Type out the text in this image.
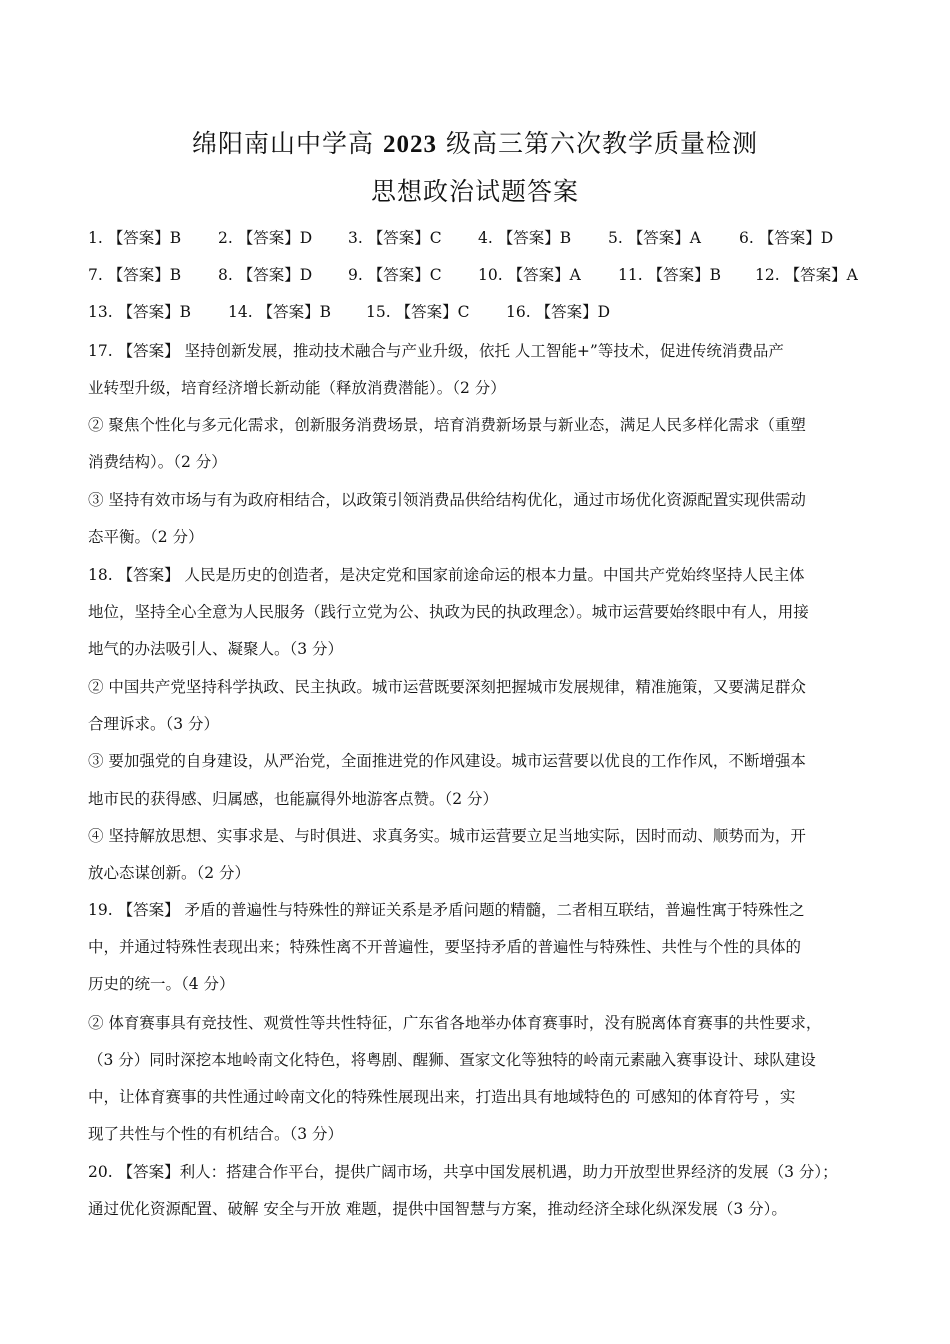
绵阳南山中学高 2023 级高三第六次教学质量检测
思想政治试题答案
1. 【答案】B 2. 【答案】D 3. 【答案】C 4. 【答案】B 5. 【答案】A 6. 【答案】D
7. 【答案】B 8. 【答案】D 9. 【答案】C 10. 【答案】A 11. 【答案】B 12. 【答案】A
13. 【答案】B 14. 【答案】B 15. 【答案】C 16. 【答案】D
17. 【答案】 坚持创新发展，推动技术融合与产业升级，依托 人工智能+”等技术，促进传统消费品产
业转型升级，培育经济增长新动能（释放消费潜能）。（2 分）
② 聚焦个性化与多元化需求，创新服务消费场景，培育消费新场景与新业态，满足人民多样化需求（重塑
消费结构）。（2 分）
③ 坚持有效市场与有为政府相结合，以政策引领消费品供给结构优化，通过市场优化资源配置实现供需动
态平衡。（2 分）
18. 【答案】 人民是历史的创造者，是决定党和国家前途命运的根本力量。中国共产党始终坚持人民主体
地位，坚持全心全意为人民服务（践行立党为公、执政为民的执政理念）。城市运营要始终眼中有人，用接
地气的办法吸引人、凝聚人。（3 分）
② 中国共产党坚持科学执政、民主执政。城市运营既要深刻把握城市发展规律，精准施策，又要满足群众
合理诉求。（3 分）
③ 要加强党的自身建设，从严治党，全面推进党的作风建设。城市运营要以优良的工作作风，不断增强本
地市民的获得感、归属感，也能赢得外地游客点赞。（2 分）
④ 坚持解放思想、实事求是、与时俱进、求真务实。城市运营要立足当地实际，因时而动、顺势而为，开
放心态谋创新。（2 分）
19. 【答案】 矛盾的普遍性与特殊性的辩证关系是矛盾问题的精髓，二者相互联结，普遍性寓于特殊性之
中，并通过特殊性表现出来；特殊性离不开普遍性，要坚持矛盾的普遍性与特殊性、共性与个性的具体的
历史的统一。（4 分）
② 体育赛事具有竞技性、观赏性等共性特征，广东省各地举办体育赛事时，没有脱离体育赛事的共性要求，
（3 分）同时深挖本地岭南文化特色，将粤剧、醒狮、疍家文化等独特的岭南元素融入赛事设计、球队建设
中，让体育赛事的共性通过岭南文化的特殊性展现出来，打造出具有地域特色的 可感知的体育符号 ，实
现了共性与个性的有机结合。（3 分）
20. 【答案】利人：搭建合作平台，提供广阔市场，共享中国发展机遇，助力开放型世界经济的发展（3 分）；
通过优化资源配置、破解 安全与开放 难题，提供中国智慧与方案，推动经济全球化纵深发展（3 分）。
